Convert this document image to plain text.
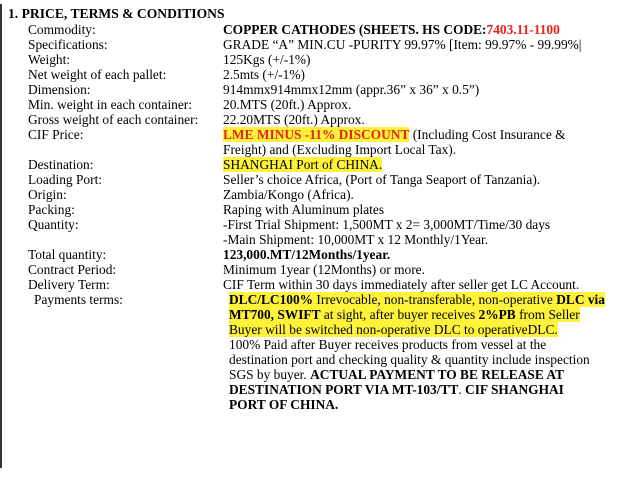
1. PRICE, TERMS & CONDITIONS
Commodity:	COPPER CATHODES (SHEETS. HS CODE:7403.11-1100
Specifications:	GRADE “A” MIN.CU -PURITY 99.97% [Item: 99.97% - 99.99%|
Weight:	125Kgs (+/-1%)
Net weight of each pallet:	2.5mts (+/-1%)
Dimension:	914mmx914mmx12mm (appr.36” x 36” x 0.5”)
Min. weight in each container: 20.MTS (20ft.) Approx.
Gross weight of each container: 22.20MTS (20ft.) Approx.
CIF Price:	LME MINUS -11% DISCOUNT (Including Cost Insurance &
Freight) and (Excluding Import Local Tax).
Destination:	SHANGHAI Port of CHINA.
Loading Port:	Seller’s choice Africa, (Port of Tanga Seaport of Tanzania).
Origin:	Zambia/Kongo (Africa).
Packing:	Raping with Aluminum plates
Quantity:	-First Trial Shipment: 1,500MT x 2= 3,000MT/Time/30 days
-Main Shipment: 10,000MT x 12 Monthly/1Year.
Total quantity:	123,000.MT/12Months/1year.
Contract Period:	Minimum 1year (12Months) or more.
Delivery Term:	CIF Term within 30 days immediately after seller get LC Account.
Payments terms:	DLC/LC100% Irrevocable, non-transferable, non-operative DLC via
MT700, SWIFT at sight, after buyer receives 2%PB from Seller
Buyer will be switched non-operative DLC to operativeDLC.
100% Paid after Buyer receives products from vessel at the
destination port and checking quality & quantity include inspection
SGS by buyer. ACTUAL PAYMENT TO BE RELEASE AT
DESTINATION PORT VIA MT-103/TT. CIF SHANGHAI
PORT OF CHINA.
